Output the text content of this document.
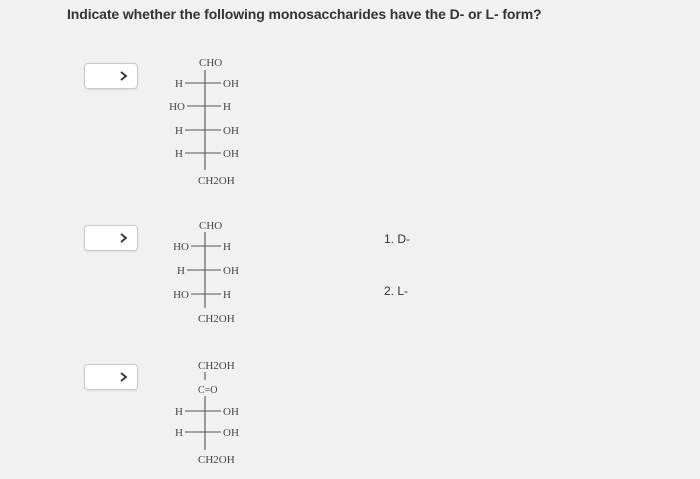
Indicate whether the following monosaccharides have the D- or L- form?
CHO
H	OH
HO	H
H	OH
H	OH
CH2OH
CHO
HO	H
H	OH
HO	H
CH2OH
CH2OH
C=O
H	OH
H	OH
CH2OH
1. D-
2. L-
